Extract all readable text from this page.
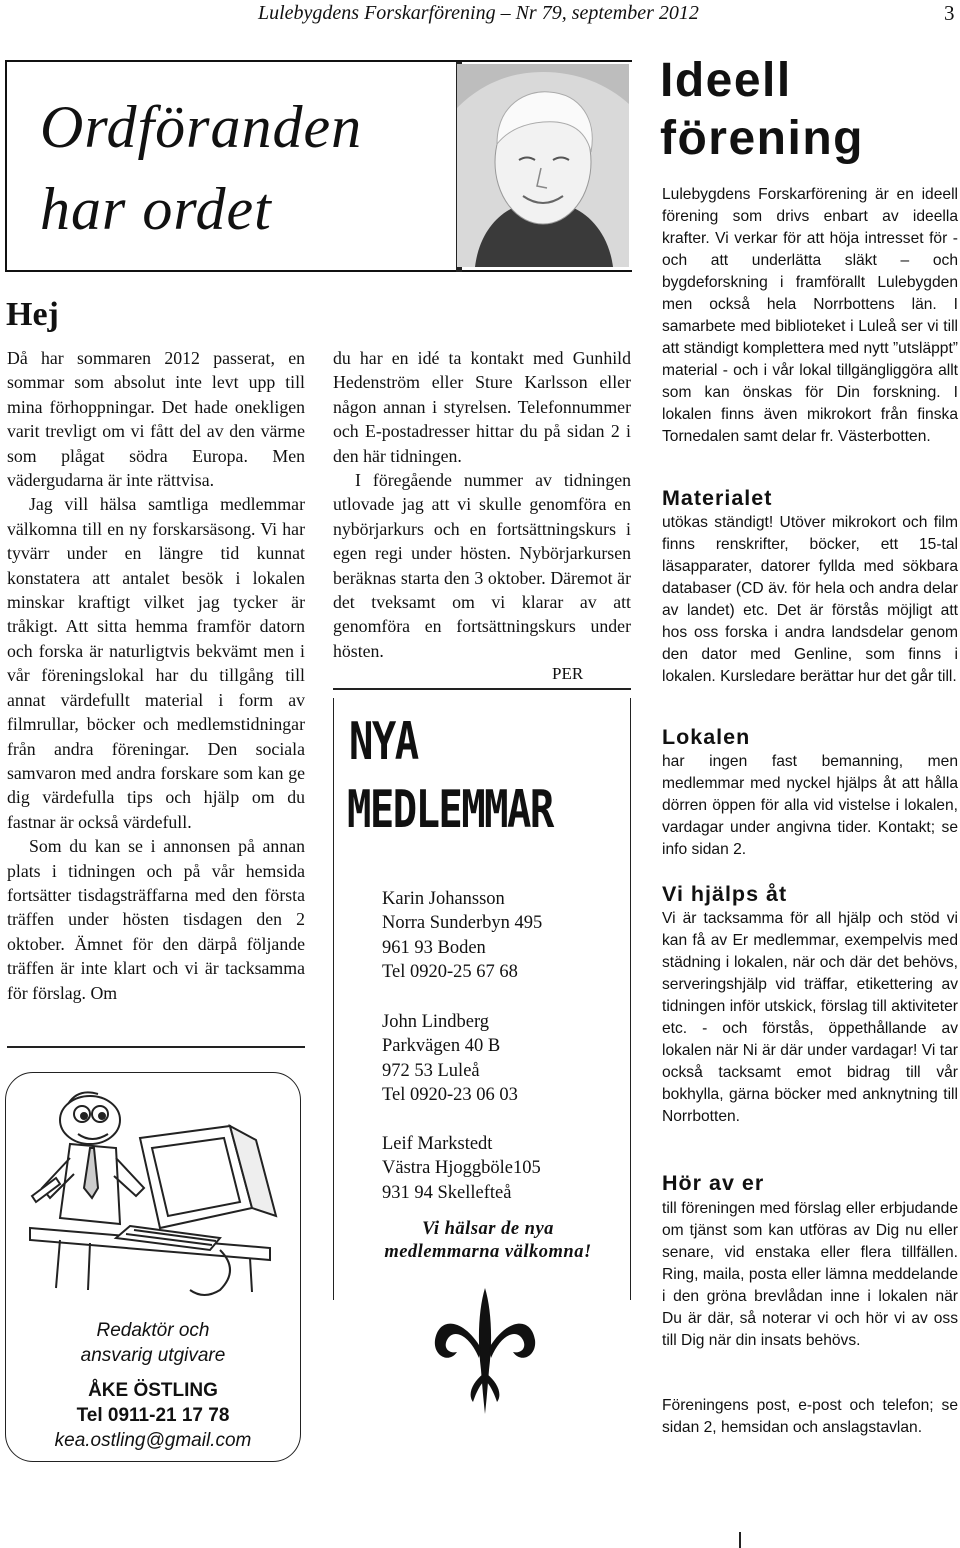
Lulebygdens Forskarförening – Nr 79, september 2012	3
Ordföranden
har ordet
Hej

Då har sommaren 2012 passerat, en sommar som absolut inte levt upp till mina förhoppningar. Det hade onekligen varit trevligt om vi fått del av den värme som plågat södra Europa. Men vädergudarna är inte rättvisa.

Jag vill hälsa samtliga medlemmar välkomna till en ny forskarsäsong. Vi har tyvärr under en längre tid kunnat konstatera att antalet besök i lokalen minskar kraftigt vilket jag tycker är tråkigt. Att sitta hemma framför datorn och forska är naturligtvis bekvämt men i vår föreningslokal har du tillgång till annat värdefullt material i form av filmrullar, böcker och medlemstidningar från andra föreningar. Den sociala samvaron med andra forskare som kan ge dig värdefulla tips och hjälp om du fastnar är också värdefull.

Som du kan se i annonsen på annan plats i tidningen och på vår hemsida fortsätter tisdagsträffarna med den första träffen under hösten tisdagen den 2 oktober. Ämnet för den därpå följande träffen är inte klart och vi är tacksamma för förslag. Om

Redaktör och
ansvarig utgivare
ÅKE ÖSTLING
Tel 0911-21 17 78
kea.ostling@gmail.com

du har en idé ta kontakt med Gunhild Hedenström eller Sture Karlsson eller någon annan i styrelsen. Telefonnummer och E-postadresser hittar du på sidan 2 i den här tidningen.

I föregående nummer av tidningen utlovade jag att vi skulle genomföra en nybörjarkurs och en fortsättningskurs i egen regi under hösten. Nybörjarkursen beräknas starta den 3 oktober. Däremot är det tveksamt om vi klarar av att genomföra en fortsättningskurs under hösten.

PER
NYA
MEDLEMMAR
Karin Johansson
Norra Sunderbyn 495
961 93 Boden
Tel 0920-25 67 68
John Lindberg
Parkvägen 40 B
972 53 Luleå
Tel 0920-23 06 03
Leif Markstedt
Västra Hjoggböle105
931 94 Skellefteå
Vi hälsar de nya
medlemmarna välkomna!
Ideell
förening
Lulebygdens Forskarförening är en ideell förening som drivs enbart av ideella krafter. Vi verkar för att höja intresset för - och att underlätta släkt – och bygdeforskning i framförallt Lulebygden men också hela Norrbottens län. I samarbete med biblioteket i Luleå ser vi till att ständigt komplettera med nytt ”utsläppt” material - och i vår lokal tillgängliggöra allt som kan önskas för Din forskning. I lokalen finns även mikrokort från finska Tornedalen samt delar fr. Västerbotten.
Materialet
utökas ständigt! Utöver mikrokort och film finns renskrifter, böcker, ett 15-tal läsapparater, datorer fyllda med sökbara databaser (CD äv. för hela och andra delar av landet) etc. Det är förstås möjligt att hos oss forska i andra landsdelar genom den dator med Genline, som finns i lokalen. Kursledare berättar hur det går till.
Lokalen
har ingen fast bemanning, men medlemmar med nyckel hjälps åt att hålla dörren öppen för alla vid vistelse i lokalen, vardagar under angivna tider. Kontakt; se info sidan 2.
Vi hjälps åt
Vi är tacksamma för all hjälp och stöd vi kan få av Er medlemmar, exempelvis med städning i lokalen, när och där det behövs, serveringshjälp vid träffar, etikettering av tidningen inför utskick, förslag till aktiviteter etc. - och förstås, öppethållande av lokalen när Ni är där under vardagar! Vi tar också tacksamt emot bidrag till vår bokhylla, gärna böcker med anknytning till Norrbotten.
Hör av er
till föreningen med förslag eller erbjudande om tjänst som kan utföras av Dig nu eller senare, vid enstaka eller flera tillfällen. Ring, maila, posta eller lämna meddelande i den gröna brevlådan inne i lokalen när Du är där, så noterar vi och hör vi av oss till Dig när din insats behövs.
Föreningens post, e-post och telefon; se sidan 2, hemsidan och anslagstavlan.
